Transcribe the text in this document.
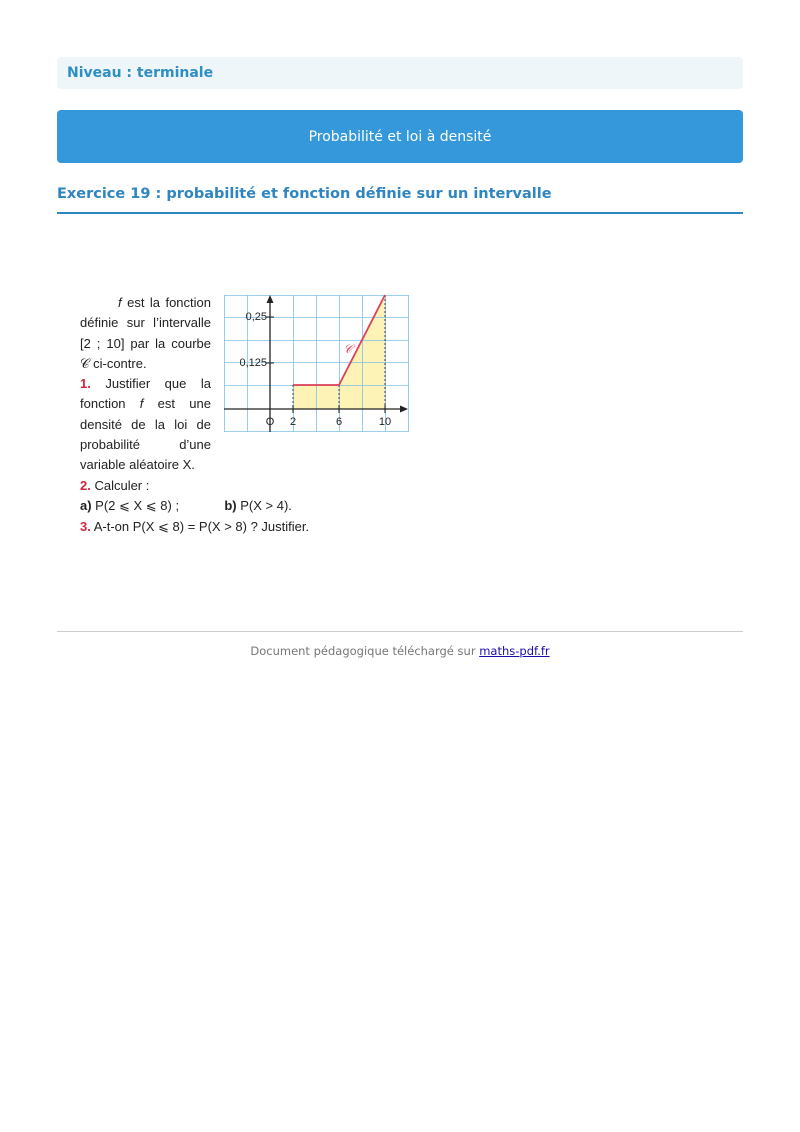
Niveau : terminale
Probabilité et loi à densité
Exercice 19 : probabilité et fonction définie sur un intervalle
f est la fonction définie sur l’intervalle [2 ; 10] par la courbe 𝒞 ci-contre.
1. Justifier que la fonction f est une densité de la loi de probabilité d’une variable aléatoire X.
2. Calculer :
a) P(2 ⩽ X ⩽ 8) ;	b) P(X > 4).
3. A-t-on P(X ⩽ 8) = P(X > 8) ? Justifier.
0,25
0,125
O 2	6	10
𝒞
Document pédagogique téléchargé sur maths-pdf.fr
